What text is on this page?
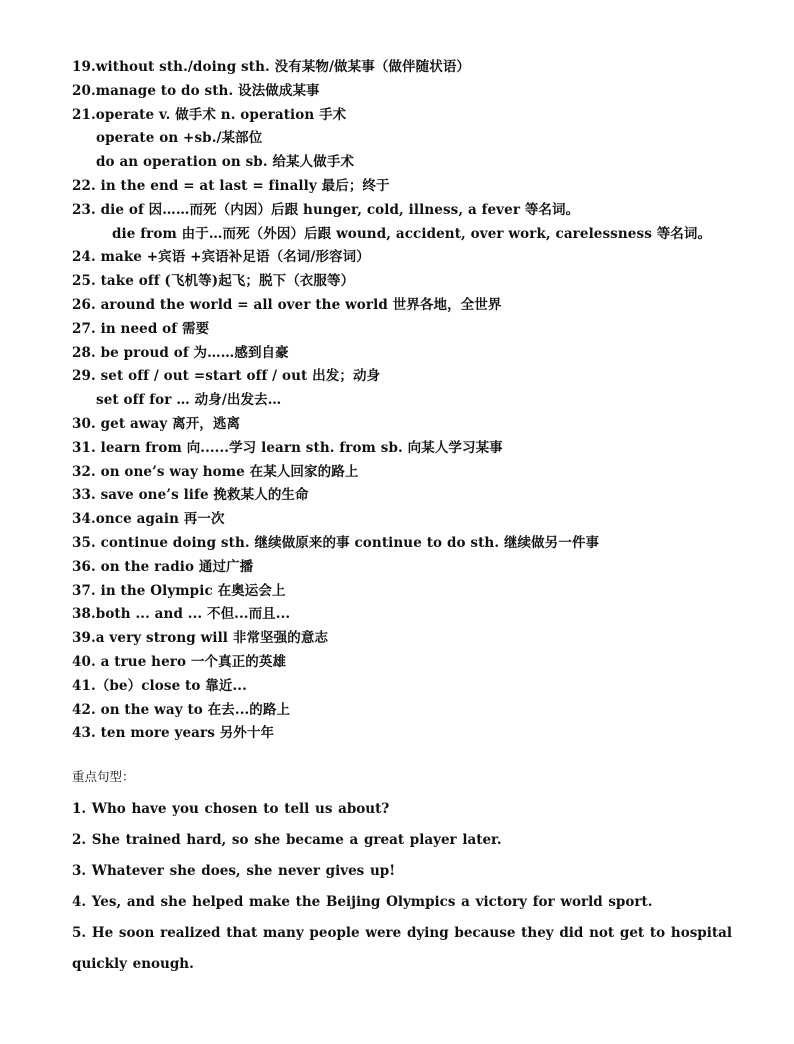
19.without sth./doing sth. 没有某物/做某事（做伴随状语）
20.manage to do sth. 设法做成某事
21.operate v. 做手术 n. operation 手术
operate on +sb./某部位
do an operation on sb. 给某人做手术
22. in the end = at last = finally 最后；终于
23. die of 因……而死（内因）后跟 hunger, cold, illness, a fever 等名词。
die from 由于…而死（外因）后跟 wound, accident, over work, carelessness 等名词。
24. make +宾语 +宾语补足语（名词/形容词）
25. take off (飞机等)起飞；脱下（衣服等）
26. around the world = all over the world 世界各地，全世界
27. in need of 需要
28. be proud of 为……感到自豪
29. set off / out =start off / out 出发；动身
set off for … 动身/出发去…
30. get away 离开，逃离
31. learn from 向......学习 learn sth. from sb. 向某人学习某事
32. on one’s way home 在某人回家的路上
33. save one’s life 挽救某人的生命
34.once again 再一次
35. continue doing sth. 继续做原来的事 continue to do sth. 继续做另一件事
36. on the radio 通过广播
37. in the Olympic 在奥运会上
38.both ... and ... 不但...而且...
39.a very strong will 非常坚强的意志
40. a true hero 一个真正的英雄
41.（be）close to 靠近...
42. on the way to 在去...的路上
43. ten more years 另外十年
重点句型：
1. Who have you chosen to tell us about?
2. She trained hard, so she became a great player later.
3. Whatever she does, she never gives up!
4. Yes, and she helped make the Beijing Olympics a victory for world sport.
5. He soon realized that many people were dying because they did not get to hospital quickly enough.
